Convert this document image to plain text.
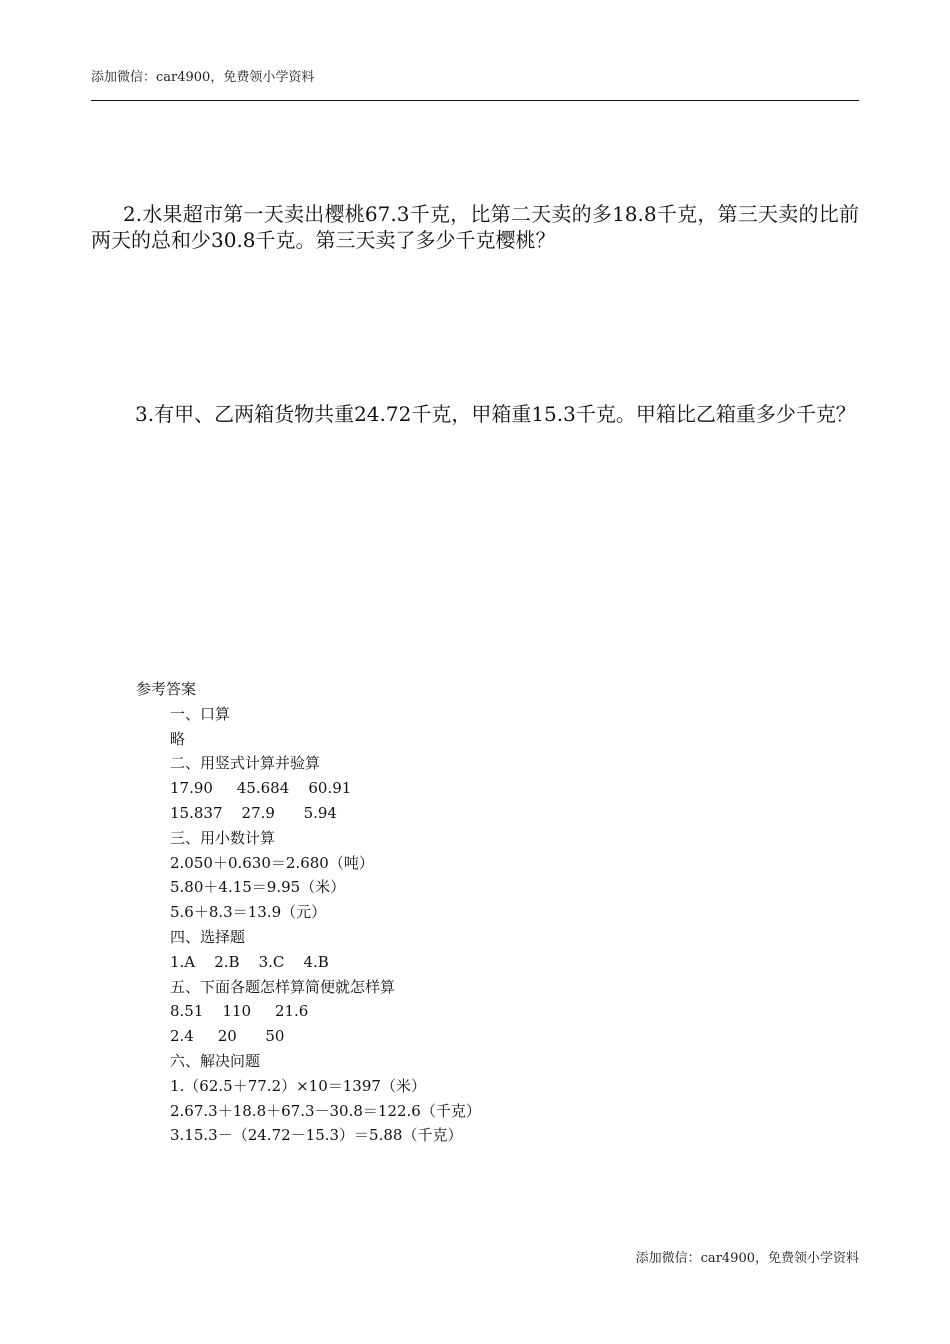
添加微信：car4900，免费领小学资料

2.水果超市第一天卖出樱桃67.3千克，比第二天卖的多18.8千克，第三天卖的比前两天的总和少30.8千克。第三天卖了多少千克樱桃？

3.有甲、乙两箱货物共重24.72千克，甲箱重15.3千克。甲箱比乙箱重多少千克？

参考答案
一、口算
略
二、用竖式计算并验算
17.90     45.684    60.91
15.837    27.9      5.94
三、用小数计算
2.050＋0.630＝2.680（吨）
5.80＋4.15＝9.95（米）
5.6＋8.3＝13.9（元）
四、选择题
1.A    2.B    3.C    4.B
五、下面各题怎样算简便就怎样算
8.51    110     21.6
2.4     20      50
六、解决问题
1.（62.5＋77.2）×10＝1397（米）
2.67.3＋18.8＋67.3－30.8＝122.6（千克）
3.15.3－（24.72－15.3）＝5.88（千克）
添加微信：car4900，免费领小学资料
